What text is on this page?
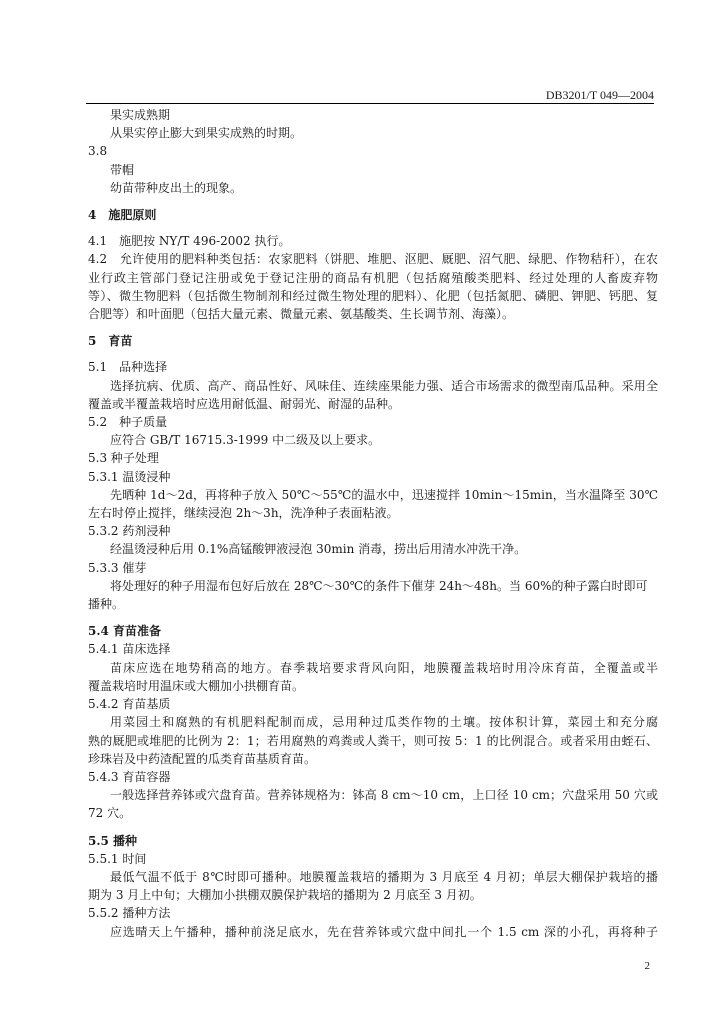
DB3201/T 049—2004

果实成熟期

从果实停止膨大到果实成熟的时期。

3.8

带帽

幼苗带种皮出土的现象。

4　施肥原则

4.1　施肥按 NY/T 496-2002 执行。

4.2　允许使用的肥料种类包括：农家肥料（饼肥、堆肥、沤肥、厩肥、沼气肥、绿肥、作物秸秆），在农

业行政主管部门登记注册或免于登记注册的商品有机肥（包括腐殖酸类肥料、经过处理的人畜废弃物

等）、微生物肥料（包括微生物制剂和经过微生物处理的肥料）、化肥（包括氮肥、磷肥、钾肥、钙肥、复

合肥等）和叶面肥（包括大量元素、微量元素、氨基酸类、生长调节剂、海藻）。

5　育苗

5.1　品种选择

选择抗病、优质、高产、商品性好、风味佳、连续座果能力强、适合市场需求的微型南瓜品种。采用全

覆盖或半覆盖栽培时应选用耐低温、耐弱光、耐湿的品种。

5.2　种子质量

应符合 GB/T 16715.3-1999 中二级及以上要求。

5.3 种子处理

5.3.1 温烫浸种

先晒种 1d～2d，再将种子放入 50℃～55℃的温水中，迅速搅拌 10min～15min，当水温降至 30℃

左右时停止搅拌，继续浸泡 2h～3h，洗净种子表面粘液。

5.3.2 药剂浸种

经温烫浸种后用 0.1%高锰酸钾液浸泡 30min 消毒，捞出后用清水冲洗干净。

5.3.3 催芽

将处理好的种子用湿布包好后放在 28℃～30℃的条件下催芽 24h～48h。当 60%的种子露白时即可

播种。

5.4 育苗准备

5.4.1 苗床选择

苗床应选在地势稍高的地方。春季栽培要求背风向阳，地膜覆盖栽培时用冷床育苗，全覆盖或半

覆盖栽培时用温床或大棚加小拱棚育苗。

5.4.2 育苗基质

用菜园土和腐熟的有机肥料配制而成，忌用种过瓜类作物的土壤。按体积计算，菜园土和充分腐

熟的厩肥或堆肥的比例为 2：1；若用腐熟的鸡粪或人粪干，则可按 5：1 的比例混合。或者采用由蛭石、

珍珠岩及中药渣配置的瓜类育苗基质育苗。

5.4.3 育苗容器

一般选择营养钵或穴盘育苗。营养钵规格为：钵高 8 cm～10 cm，上口径 10 cm；穴盘采用 50 穴或

72 穴。

5.5 播种

5.5.1 时间

最低气温不低于 8℃时即可播种。地膜覆盖栽培的播期为 3 月底至 4 月初；单层大棚保护栽培的播

期为 3 月上中旬；大棚加小拱棚双膜保护栽培的播期为 2 月底至 3 月初。

5.5.2 播种方法

应选晴天上午播种，播种前浇足底水，先在营养钵或穴盘中间扎一个 1.5 cm 深的小孔，再将种子

2
